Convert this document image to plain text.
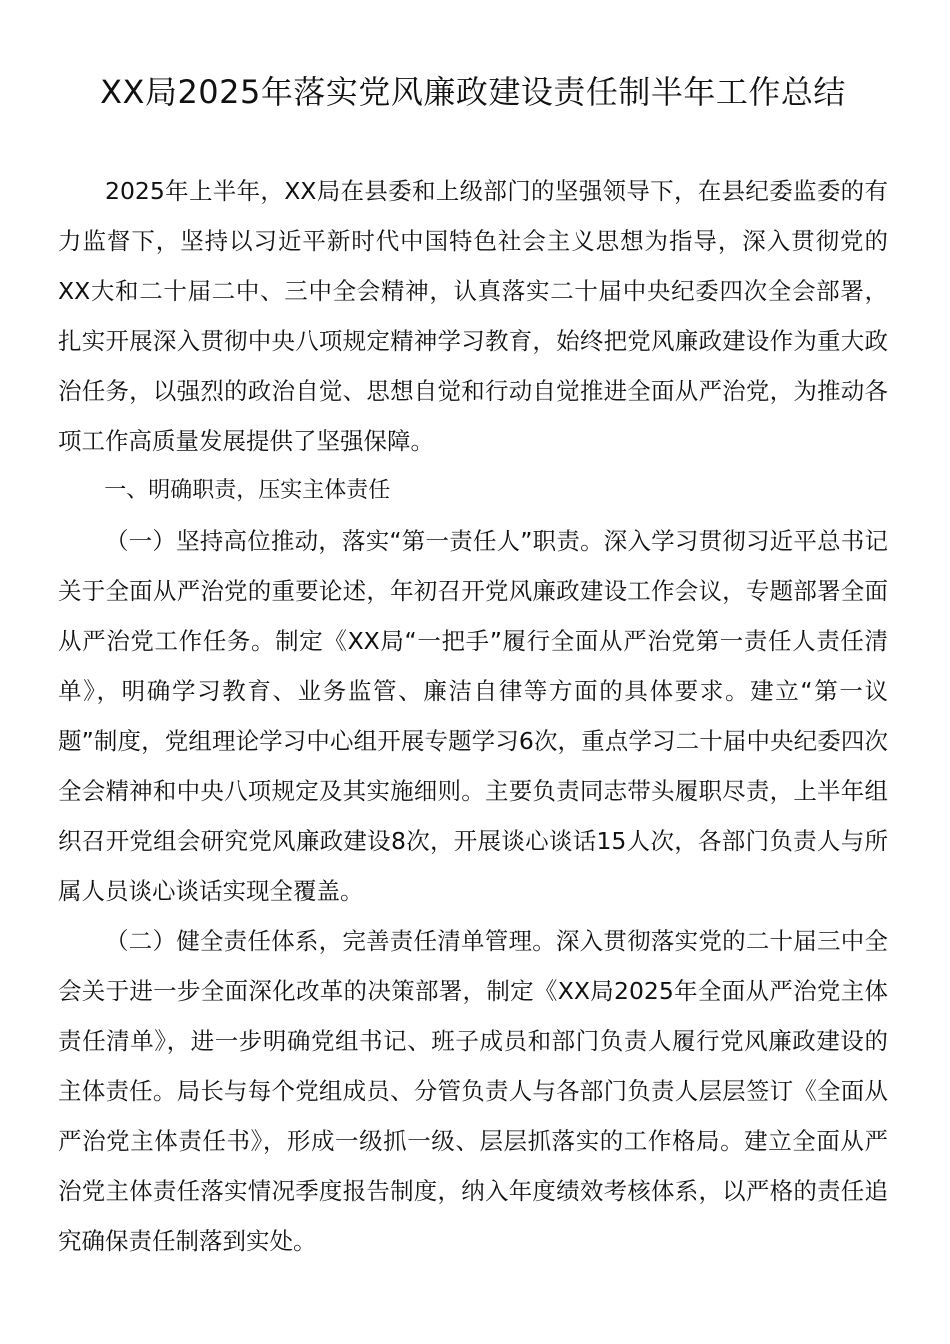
XX局2025年落实党风廉政建设责任制半年工作总结

2025年上半年，XX局在县委和上级部门的坚强领导下，在县纪委监委的有力监督下，坚持以习近平新时代中国特色社会主义思想为指导，深入贯彻党的XX大和二十届二中、三中全会精神，认真落实二十届中央纪委四次全会部署，扎实开展深入贯彻中央八项规定精神学习教育，始终把党风廉政建设作为重大政治任务，以强烈的政治自觉、思想自觉和行动自觉推进全面从严治党，为推动各项工作高质量发展提供了坚强保障。

一、明确职责，压实主体责任

（一）坚持高位推动，落实“第一责任人”职责。深入学习贯彻习近平总书记关于全面从严治党的重要论述，年初召开党风廉政建设工作会议，专题部署全面从严治党工作任务。制定《XX局“一把手”履行全面从严治党第一责任人责任清单》，明确学习教育、业务监管、廉洁自律等方面的具体要求。建立“第一议题”制度，党组理论学习中心组开展专题学习6次，重点学习二十届中央纪委四次全会精神和中央八项规定及其实施细则。主要负责同志带头履职尽责，上半年组织召开党组会研究党风廉政建设8次，开展谈心谈话15人次，各部门负责人与所属人员谈心谈话实现全覆盖。

（二）健全责任体系，完善责任清单管理。深入贯彻落实党的二十届三中全会关于进一步全面深化改革的决策部署，制定《XX局2025年全面从严治党主体责任清单》，进一步明确党组书记、班子成员和部门负责人履行党风廉政建设的主体责任。局长与每个党组成员、分管负责人与各部门负责人层层签订《全面从严治党主体责任书》，形成一级抓一级、层层抓落实的工作格局。建立全面从严治党主体责任落实情况季度报告制度，纳入年度绩效考核体系，以严格的责任追究确保责任制落到实处。
